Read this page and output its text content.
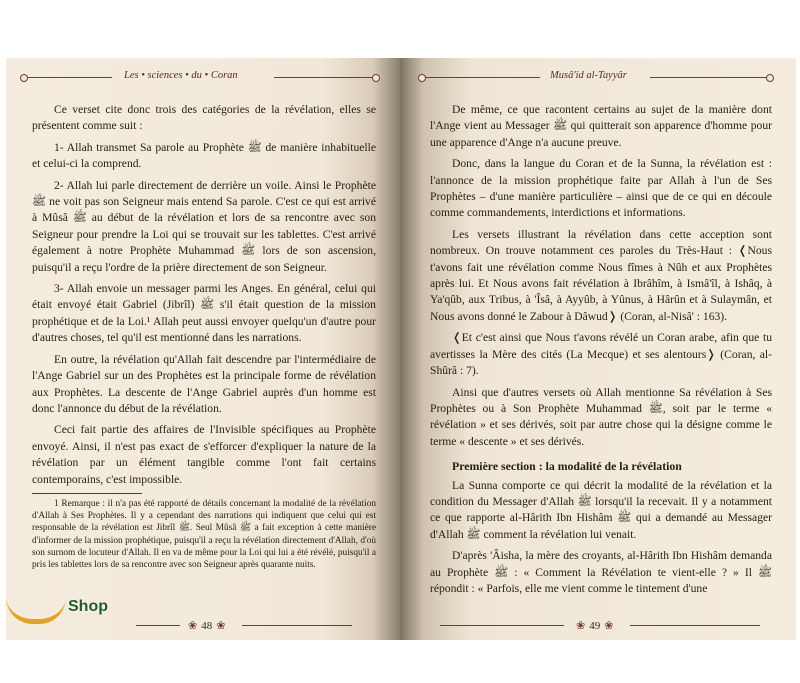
Les • sciences • du • Coran

Ce verset cite donc trois des catégories de la révélation, elles se présentent comme suit :

1- Allah transmet Sa parole au Prophète ﷺ de manière inhabituelle et celui-ci la comprend.

2- Allah lui parle directement de derrière un voile. Ainsi le Prophète ﷺ ne voit pas son Seigneur mais entend Sa parole. C'est ce qui est arrivé à Mûsâ ﷺ au début de la révélation et lors de sa rencontre avec son Seigneur pour prendre la Loi qui se trouvait sur les tablettes. C'est arrivé également à notre Prophète Muhammad ﷺ lors de son ascension, puisqu'il a reçu l'ordre de la prière directement de son Seigneur.

3- Allah envoie un messager parmi les Anges. En général, celui qui était envoyé était Gabriel (Jibrîl) ﷺ s'il était question de la mission prophétique et de la Loi.¹ Allah peut aussi envoyer quelqu'un d'autre pour d'autres choses, tel qu'il est mentionné dans les narrations.

En outre, la révélation qu'Allah fait descendre par l'intermédiaire de l'Ange Gabriel sur un des Prophètes est la principale forme de révélation aux Prophètes. La descente de l'Ange Gabriel auprès d'un homme est donc l'annonce du début de la révélation.

Ceci fait partie des affaires de l'Invisible spécifiques au Prophète envoyé. Ainsi, il n'est pas exact de s'efforcer d'expliquer la nature de la révélation par un élément tangible comme l'ont fait certains contemporains, c'est impossible.

1 Remarque : il n'a pas été rapporté de détails concernant la modalité de la révélation d'Allah à Ses Prophètes. Il y a cependant des narrations qui indiquent que celui qui est responsable de la révélation est Jibrîl ﷺ. Seul Mûsâ ﷺ a fait exception à cette manière d'informer de la mission prophétique, puisqu'il a reçu la révélation directement d'Allah, d'où son surnom de locuteur d'Allah. Il en va de même pour la Loi qui lui a été révélé, puisqu'il a pris les tablettes lors de sa rencontre avec son Seigneur après quarante nuits.

❀ 48 ❀
Musâ'id al-Tayyâr

De même, ce que racontent certains au sujet de la manière dont l'Ange vient au Messager ﷺ qui quitterait son apparence d'homme pour une apparence d'Ange n'a aucune preuve.

Donc, dans la langue du Coran et de la Sunna, la révélation est : l'annonce de la mission prophétique faite par Allah à l'un de Ses Prophètes – d'une manière particulière – ainsi que de ce qui en découle comme commandements, interdictions et informations.

Les versets illustrant la révélation dans cette acception sont nombreux. On trouve notamment ces paroles du Très-Haut : ❬Nous t'avons fait une révélation comme Nous fîmes à Nûh et aux Prophètes après lui. Et Nous avons fait révélation à Ibrâhîm, à Ismâ'îl, à Ishâq, à Ya'qûb, aux Tribus, à 'Îsâ, à Ayyûb, à Yûnus, à Hârûn et à Sulaymân, et Nous avons donné le Zabour à Dâwud❭ (Coran, al-Nisâ' : 163).

❬Et c'est ainsi que Nous t'avons révélé un Coran arabe, afin que tu avertisses la Mère des cités (La Mecque) et ses alentours❭ (Coran, al-Shûrâ : 7).

Ainsi que d'autres versets où Allah mentionne Sa révélation à Ses Prophètes ou à Son Prophète Muhammad ﷺ, soit par le terme « révélation » et ses dérivés, soit par autre chose qui la désigne comme le terme « descente » et ses dérivés.

Première section : la modalité de la révélation

La Sunna comporte ce qui décrit la modalité de la révélation et la condition du Messager d'Allah ﷺ lorsqu'il la recevait. Il y a notamment ce que rapporte al-Hârith Ibn Hishâm ﷺ qui a demandé au Messager d'Allah ﷺ comment la révélation lui venait.

D'après 'Âisha, la mère des croyants, al-Hârith Ibn Hishâm demanda au Prophète ﷺ : « Comment la Révélation te vient-elle ? » Il ﷺ répondit : « Parfois, elle me vient comme le tintement d'une

❀ 49 ❀
Shop
